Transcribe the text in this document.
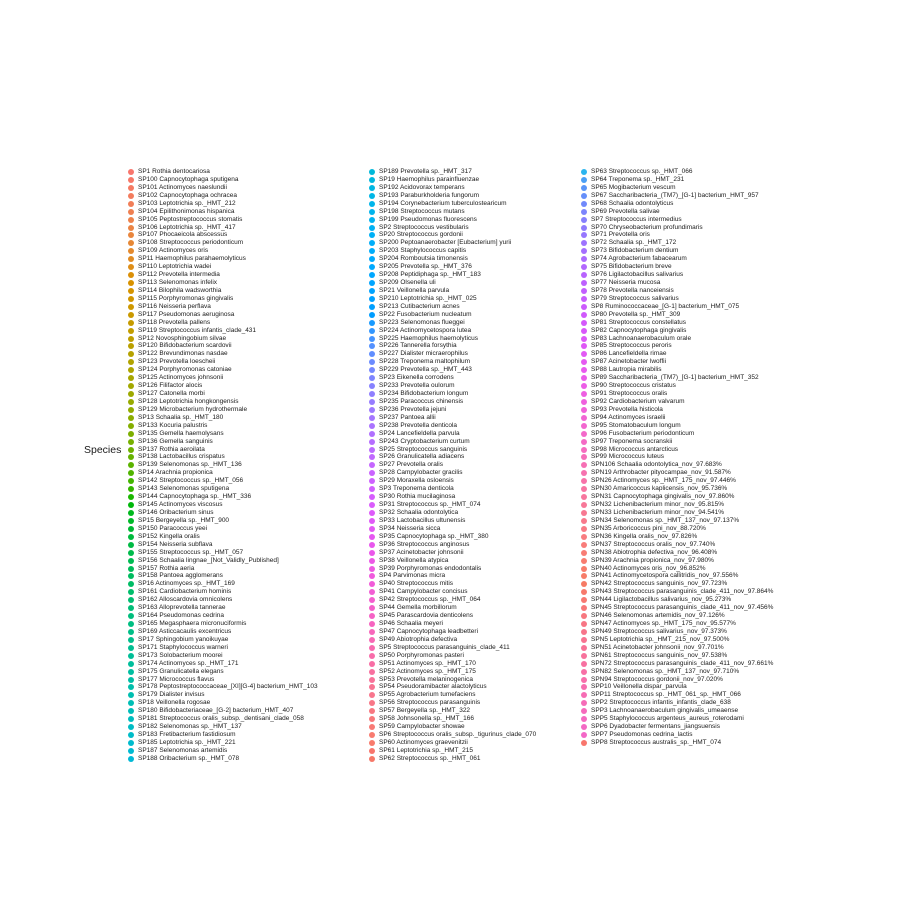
Species
SP1 Rothia dentocariosa
SP100 Capnocytophaga sputigena
SP101 Actinomyces naeslundii
SP102 Capnocytophaga ochracea
SP103 Leptotrichia sp._HMT_212
SP104 Epilithonimonas hispanica
SP105 Peptostreptococcus stomatis
SP106 Leptotrichia sp._HMT_417
SP107 Phocaeicola abscessus
SP108 Streptococcus periodonticum
SP109 Actinomyces oris
SP11 Haemophilus parahaemolyticus
SP110 Leptotrichia wadei
SP112 Prevotella intermedia
SP113 Selenomonas infelix
SP114 Bilophila wadsworthia
SP115 Porphyromonas gingivalis
SP116 Neisseria perflava
SP117 Pseudomonas aeruginosa
SP118 Prevotella pallens
SP119 Streptococcus infantis_clade_431
SP12 Novosphingobium silvae
SP120 Bifidobacterium scardovii
SP122 Brevundimonas nasdae
SP123 Prevotella loescheii
SP124 Porphyromonas catoniae
SP125 Actinomyces johnsonii
SP126 Filifactor alocis
SP127 Catonella morbi
SP128 Leptotrichia hongkongensis
SP129 Microbacterium hydrothermale
SP13 Schaalia sp._HMT_180
SP133 Kocuria palustris
SP135 Gemella haemolysans
SP136 Gemella sanguinis
SP137 Rothia aeroilata
SP138 Lactobacillus crispatus
SP139 Selenomonas sp._HMT_136
SP14 Arachnia propionica
SP142 Streptococcus sp._HMT_056
SP143 Selenomonas sputigena
SP144 Capnocytophaga sp._HMT_336
SP145 Actinomyces viscosus
SP146 Oribacterium sinus
SP15 Bergeyella sp._HMT_900
SP150 Paracoccus yeei
SP152 Kingella oralis
SP154 Neisseria subflava
SP155 Streptococcus sp._HMT_057
SP156 Schaalia lingnae_[Not_Validly_Published]
SP157 Rothia aeria
SP158 Pantoea agglomerans
SP16 Actinomyces sp._HMT_169
SP161 Cardiobacterium hominis
SP162 Alloscardovia omnicolens
SP163 Alloprevotella tannerae
SP164 Pseudomonas cedrina
SP165 Megasphaera micronuciformis
SP169 Asticcacaulis excentricus
SP17 Sphingobium yanoikuyae
SP171 Staphylococcus warneri
SP173 Solobacterium moorei
SP174 Actinomyces sp._HMT_171
SP175 Granulicatella elegans
SP177 Micrococcus flavus
SP178 Peptostreptococcaceae_[XI][G-4] bacterium_HMT_103
SP179 Dialister invisus
SP18 Veillonella rogosae
SP180 Bifidobacteriaceae_[G-2] bacterium_HMT_407
SP181 Streptococcus oralis_subsp._dentisani_clade_058
SP182 Selenomonas sp._HMT_137
SP183 Fretibacterium fastidiosum
SP185 Leptotrichia sp._HMT_221
SP187 Selenomonas artemidis
SP188 Oribacterium sp._HMT_078
SP189 Prevotella sp._HMT_317
SP19 Haemophilus parainfluenzae
SP192 Acidovorax temperans
SP193 Paraburkholderia fungorum
SP194 Corynebacterium tuberculostearicum
SP198 Streptococcus mutans
SP199 Pseudomonas fluorescens
SP2 Streptococcus vestibularis
SP20 Streptococcus gordonii
SP200 Peptoanaerobacter [Eubacterium] yurii
SP203 Staphylococcus capitis
SP204 Romboutsia timonensis
SP205 Prevotella sp._HMT_376
SP208 Peptidiphaga sp._HMT_183
SP209 Olsenella uli
SP21 Veillonella parvula
SP210 Leptotrichia sp._HMT_025
SP213 Cutibacterium acnes
SP22 Fusobacterium nucleatum
SP223 Selenomonas flueggei
SP224 Actinomycetospora lutea
SP225 Haemophilus haemolyticus
SP226 Tannerella forsythia
SP227 Dialister micraerophilus
SP228 Treponema maltophilum
SP229 Prevotella sp._HMT_443
SP23 Eikenella corrodens
SP233 Prevotella oulorum
SP234 Bifidobacterium longum
SP235 Paracoccus chinensis
SP236 Prevotella jejuni
SP237 Pantoea allii
SP238 Prevotella denticola
SP24 Lancefieldella parvula
SP243 Cryptobacterium curtum
SP25 Streptococcus sanguinis
SP26 Granulicatella adiacens
SP27 Prevotella oralis
SP28 Campylobacter gracilis
SP29 Moraxella osloensis
SP3 Treponema denticola
SP30 Rothia mucilaginosa
SP31 Streptococcus sp._HMT_074
SP32 Schaalia odontolytica
SP33 Lactobacillus ultunensis
SP34 Neisseria sicca
SP35 Capnocytophaga sp._HMT_380
SP36 Streptococcus anginosus
SP37 Acinetobacter johnsonii
SP38 Veillonella atypica
SP39 Porphyromonas endodontalis
SP4 Parvimonas micra
SP40 Streptococcus mitis
SP41 Campylobacter concisus
SP42 Streptococcus sp._HMT_064
SP44 Gemella morbillorum
SP45 Parascardovia denticolens
SP46 Schaalia meyeri
SP47 Capnocytophaga leadbetteri
SP49 Abiotrophia defectiva
SP5 Streptococcus parasanguinis_clade_411
SP50 Porphyromonas pasteri
SP51 Actinomyces sp._HMT_170
SP52 Actinomyces sp._HMT_175
SP53 Prevotella melaninogenica
SP54 Pseudoramibacter alactolyticus
SP55 Agrobacterium tumefaciens
SP56 Streptococcus parasanguinis
SP57 Bergeyella sp._HMT_322
SP58 Johnsonella sp._HMT_166
SP59 Campylobacter showae
SP6 Streptococcus oralis_subsp._tigurinus_clade_070
SP60 Actinomyces graevenitzii
SP61 Leptotrichia sp._HMT_215
SP62 Streptococcus sp._HMT_061
SP63 Streptococcus sp._HMT_066
SP64 Treponema sp._HMT_231
SP65 Mogibacterium vescum
SP67 Saccharibacteria_(TM7)_[G-1] bacterium_HMT_957
SP68 Schaalia odontolyticus
SP69 Prevotella salivae
SP7 Streptococcus intermedius
SP70 Chryseobacterium profundimaris
SP71 Prevotella oris
SP72 Schaalia sp._HMT_172
SP73 Bifidobacterium dentium
SP74 Agrobacterium fabacearum
SP75 Bifidobacterium breve
SP76 Ligilactobacillus salivarius
SP77 Neisseria mucosa
SP78 Prevotella nanceiensis
SP79 Streptococcus salivarius
SP8 Ruminococcaceae_[G-1] bacterium_HMT_075
SP80 Prevotella sp._HMT_309
SP81 Streptococcus constellatus
SP82 Capnocytophaga gingivalis
SP83 Lachnoanaerobaculum orale
SP85 Streptococcus peroris
SP86 Lancefieldella rimae
SP87 Acinetobacter lwoffii
SP88 Lautropia mirabilis
SP89 Saccharibacteria_(TM7)_[G-1] bacterium_HMT_352
SP90 Streptococcus cristatus
SP91 Streptococcus oralis
SP92 Cardiobacterium valvarum
SP93 Prevotella histicola
SP94 Actinomyces israelii
SP95 Stomatobaculum longum
SP96 Fusobacterium periodonticum
SP97 Treponema socranskii
SP98 Micrococcus antarcticus
SP99 Micrococcus luteus
SPN106 Schaalia odontolytica_nov_97.683%
SPN19 Arthrobacter pityocampae_nov_91.587%
SPN26 Actinomyces sp._HMT_175_nov_97.446%
SPN30 Amaricoccus kaplicensis_nov_95.736%
SPN31 Capnocytophaga gingivalis_nov_97.860%
SPN32 Lichenibacterium minor_nov_95.815%
SPN33 Lichenibacterium minor_nov_94.541%
SPN34 Selenomonas sp._HMT_137_nov_97.137%
SPN35 Arboricoccus pini_nov_88.720%
SPN36 Kingella oralis_nov_97.826%
SPN37 Streptococcus oralis_nov_97.740%
SPN38 Abiotrophia defectiva_nov_96.408%
SPN39 Arachnia propionica_nov_97.980%
SPN40 Actinomyces oris_nov_96.852%
SPN41 Actinomycetospora callitridis_nov_97.556%
SPN42 Streptococcus sanguinis_nov_97.723%
SPN43 Streptococcus parasanguinis_clade_411_nov_97.864%
SPN44 Ligilactobacillus salivarius_nov_95.273%
SPN45 Streptococcus parasanguinis_clade_411_nov_97.456%
SPN46 Selenomonas artemidis_nov_97.126%
SPN47 Actinomyces sp._HMT_175_nov_95.577%
SPN49 Streptococcus salivarius_nov_97.373%
SPN5 Leptotrichia sp._HMT_215_nov_97.500%
SPN51 Acinetobacter johnsonii_nov_97.701%
SPN61 Streptococcus sanguinis_nov_97.538%
SPN72 Streptococcus parasanguinis_clade_411_nov_97.661%
SPN82 Selenomonas sp._HMT_137_nov_97.710%
SPN94 Streptococcus gordonii_nov_97.020%
SPP10 Veillonella dispar_parvula
SPP11 Streptococcus sp._HMT_061_sp._HMT_066
SPP2 Streptococcus infantis_infantis_clade_638
SPP3 Lachnoanaerobaculum gingivalis_umeaense
SPP5 Staphylococcus argenteus_aureus_roterodami
SPP6 Dyadobacter fermentans_jiangsuensis
SPP7 Pseudomonas cedrina_lactis
SPP8 Streptococcus australis_sp._HMT_074
